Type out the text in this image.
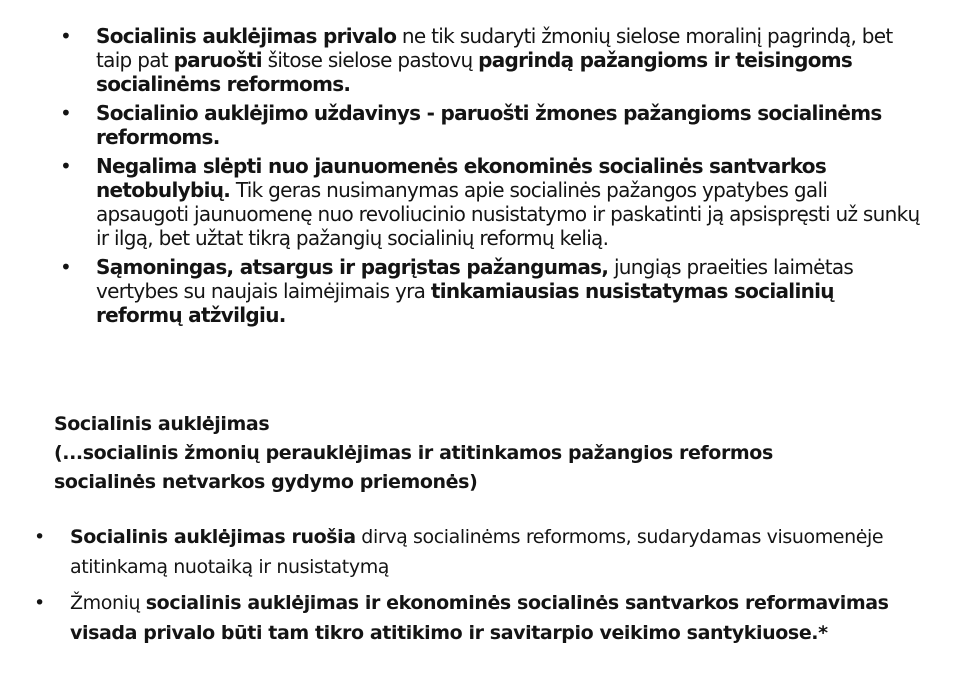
•	Socialinis auklėjimas privalo ne tik sudaryti žmonių sielose moralinį pagrindą, bet taip pat paruošti šitose sielose pastovų pagrindą pažangioms ir teisingoms socialinėms reformoms.
•	Socialinio auklėjimo uždavinys - paruošti žmones pažangioms socialinėms reformoms.
•	Negalima slėpti nuo jaunuomenės ekonominės socialinės santvarkos netobulybių. Tik geras nusimanymas apie socialinės pažangos ypatybes gali apsaugoti jaunuomenę nuo revoliucinio nusistatymo ir paskatinti ją apsispręsti už sunkų ir ilgą, bet užtat tikrą pažangių socialinių reformų kelią.
•	Sąmoningas, atsargus ir pagrįstas pažangumas, jungiąs praeities laimėtas vertybes su naujais laimėjimais yra tinkamiausias nusistatymas socialinių reformų atžvilgiu.
Socialinis auklėjimas
(...socialinis žmonių perauklėjimas ir atitinkamos pažangios reformos
socialinės netvarkos gydymo priemonės)
• Socialinis auklėjimas ruošia dirvą socialinėms reformoms, sudarydamas visuomenėje atitinkamą nuotaiką ir nusistatymą
• Žmonių socialinis auklėjimas ir ekonominės socialinės santvarkos reformavimas visada privalo būti tam tikro atitikimo ir savitarpio veikimo santykiuose.*
